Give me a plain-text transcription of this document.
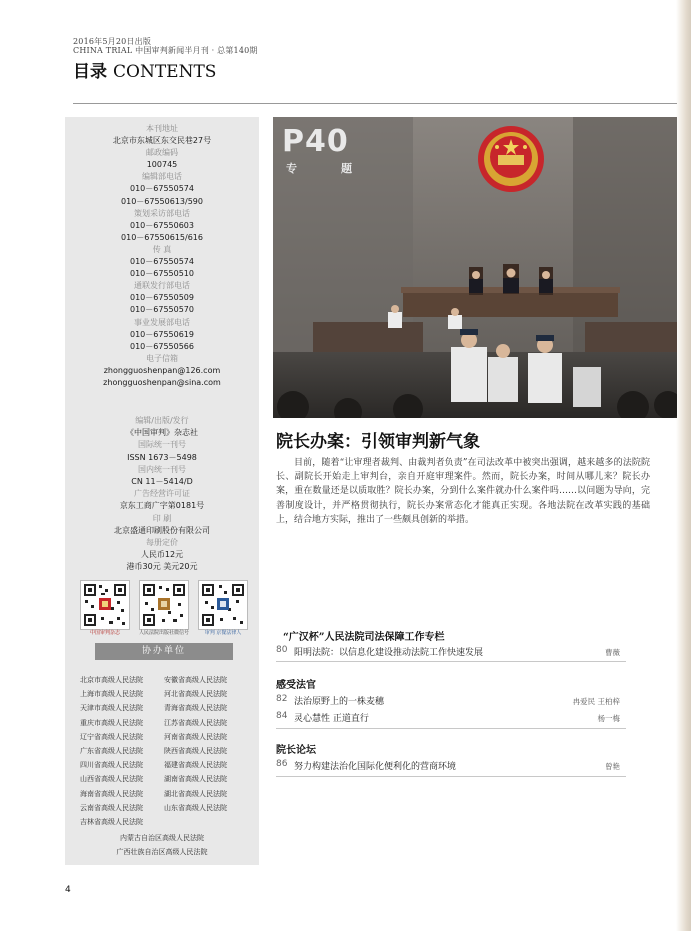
2016年5月20日出版
CHINA TRIAL 中国审判新闻半月刊 · 总第140期
目录 CONTENTS
本刊地址
北京市东城区东交民巷27号
邮政编码
100745
编辑部电话
010－67550574
010－67550613/590
策划采访部电话
010－67550603
010－67550615/616
传 真
010－67550574
010－67550510
通联发行部电话
010－67550509
010－67550570
事业发展部电话
010－67550619
010－67550566
电子信箱
zhongguoshenpan@126.com
zhongguoshenpan@sina.com
编辑/出版/发行
《中国审判》杂志社
国际统一刊号
ISSN 1673－5498
国内统一刊号
CN 11－5414/D
广告经营许可证
京东工商广字第0181号
印 刷
北京盛通印刷股份有限公司
每册定价
人民币12元
港币30元 美元20元
中国审判杂志	人民法院出版社微信号	审判 京餐法律人
协办单位
北京市高级人民法院	安徽省高级人民法院
上海市高级人民法院	河北省高级人民法院
天津市高级人民法院	青海省高级人民法院
重庆市高级人民法院	江苏省高级人民法院
辽宁省高级人民法院	河南省高级人民法院
广东省高级人民法院	陕西省高级人民法院
四川省高级人民法院	福建省高级人民法院
山西省高级人民法院	湖南省高级人民法院
海南省高级人民法院	湖北省高级人民法院
云南省高级人民法院	山东省高级人民法院
吉林省高级人民法院
内蒙古自治区高级人民法院
广西壮族自治区高级人民法院
P40
专	题
院长办案：引领审判新气象
目前，随着“让审理者裁判、由裁判者负责”在司法改革中被突出强调，越来越多的法院院长、副院长开始走上审判台，亲自开庭审理案件。然而，院长办案，时间从哪儿来？院长办案，重在数量还是以质取胜？院长办案，分到什么案件就办什么案件吗……以问题为导向，完善制度设计，并严格贯彻执行，院长办案常态化才能真正实现。各地法院在改革实践的基础上，结合地方实际，推出了一些颇具创新的举措。
“广汉杯”人民法院司法保障工作专栏
80 阳明法院：以信息化建设推动法院工作快速发展	曹薇
感受法官
82 法治原野上的一株麦穗	冉爱民 王柏梓
84 灵心慧性 正道直行	杨一梅
院长论坛
86 努力构建法治化国际化便利化的营商环境	曾艳
4
